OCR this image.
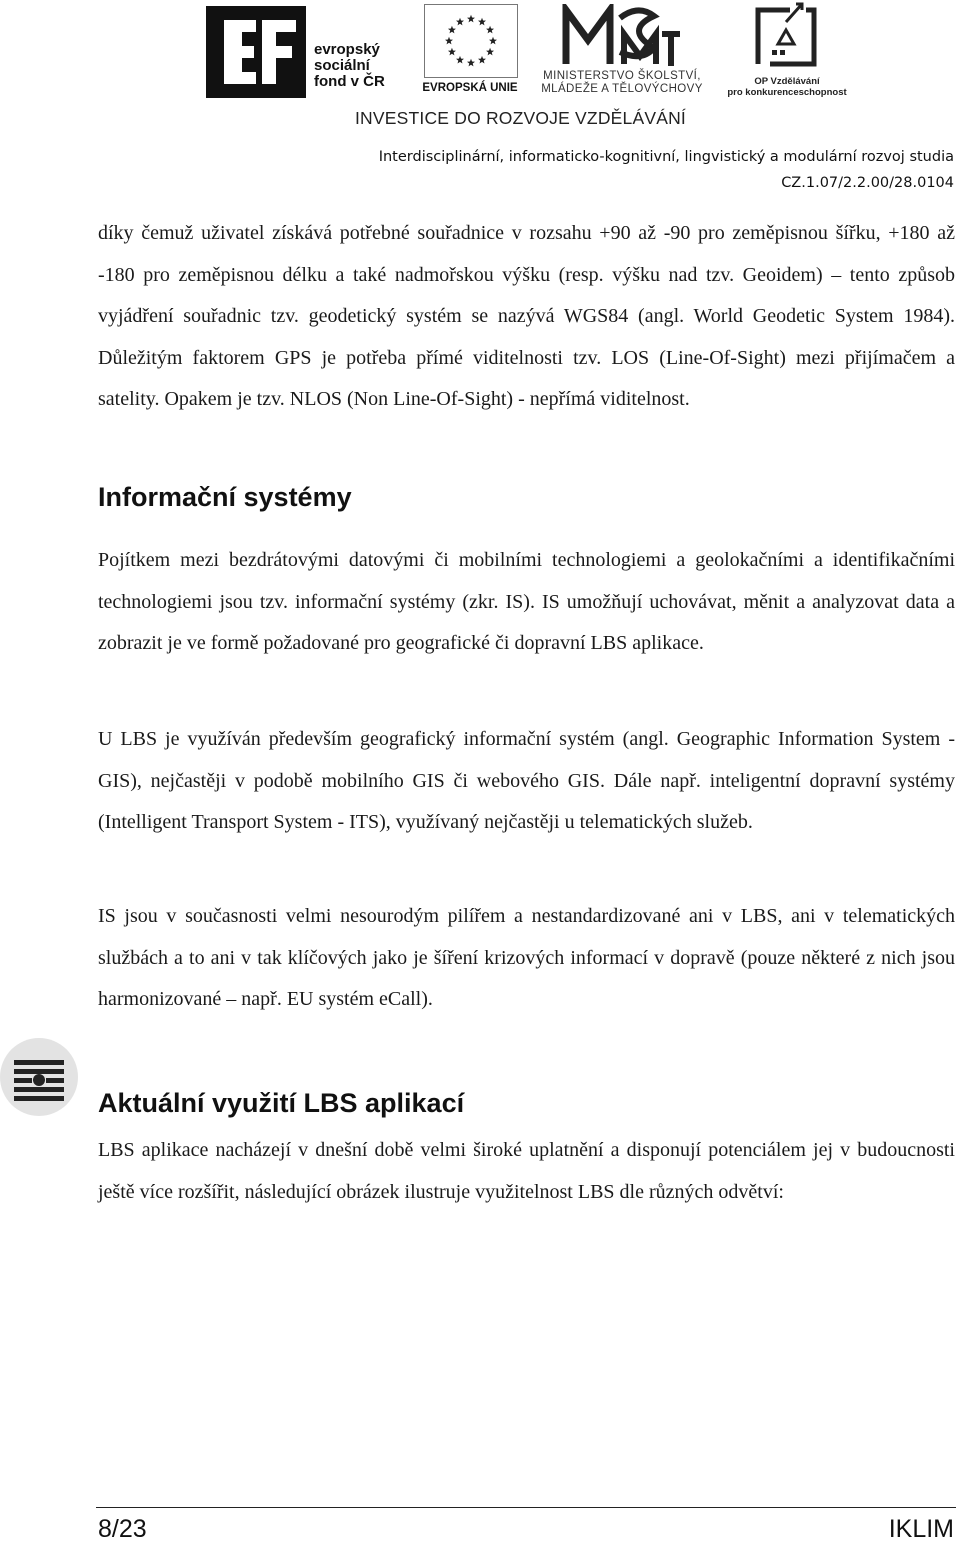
evropský
sociální
fond v ČR	EVROPSKÁ UNIE
MINISTERSTVO ŠKOLSTVÍ,
MLÁDEŽE A TĚLOVÝCHOVY
OP Vzdělávání
pro konkurenceschopnost
INVESTICE DO ROZVOJE VZDĚLÁVÁNÍ
Interdisciplinární, informaticko-kognitivní, lingvistický a modulární rozvoj studia
CZ.1.07/2.2.00/28.0104

díky čemuž uživatel získává potřebné souřadnice v rozsahu +90 až -90 pro zeměpisnou šířku, +180 až -180 pro zeměpisnou délku a také nadmořskou výšku (resp. výšku nad tzv. Geoidem) – tento způsob vyjádření souřadnic tzv. geodetický systém se nazývá WGS84 (angl. World Geodetic System 1984). Důležitým faktorem GPS je potřeba přímé viditelnosti tzv. LOS (Line-Of-Sight) mezi přijímačem a satelity. Opakem je tzv. NLOS (Non Line-Of-Sight) - nepřímá viditelnost.

Informační systémy

Pojítkem mezi bezdrátovými datovými či mobilními technologiemi a geolokačními a identifikačními technologiemi jsou tzv. informační systémy (zkr. IS). IS umožňují uchovávat, měnit a analyzovat data a zobrazit je ve formě požadované pro geografické či dopravní LBS aplikace.

U LBS je využíván především geografický informační systém (angl. Geographic Information System - GIS), nejčastěji v podobě mobilního GIS či webového GIS. Dále např. inteligentní dopravní systémy (Intelligent Transport System - ITS), využívaný nejčastěji u telematických služeb.

IS jsou v současnosti velmi nesourodým pilířem a nestandardizované ani v LBS, ani v telematických službách a to ani v tak klíčových jako je šíření krizových informací v dopravě (pouze některé z nich jsou harmonizované – např. EU systém eCall).

Aktuální využití LBS aplikací

LBS aplikace nacházejí v dnešní době velmi široké uplatnění a disponují potenciálem jej v budoucnosti ještě více rozšířit, následující obrázek ilustruje využitelnost LBS dle různých odvětví:

8/23	IKLIM
